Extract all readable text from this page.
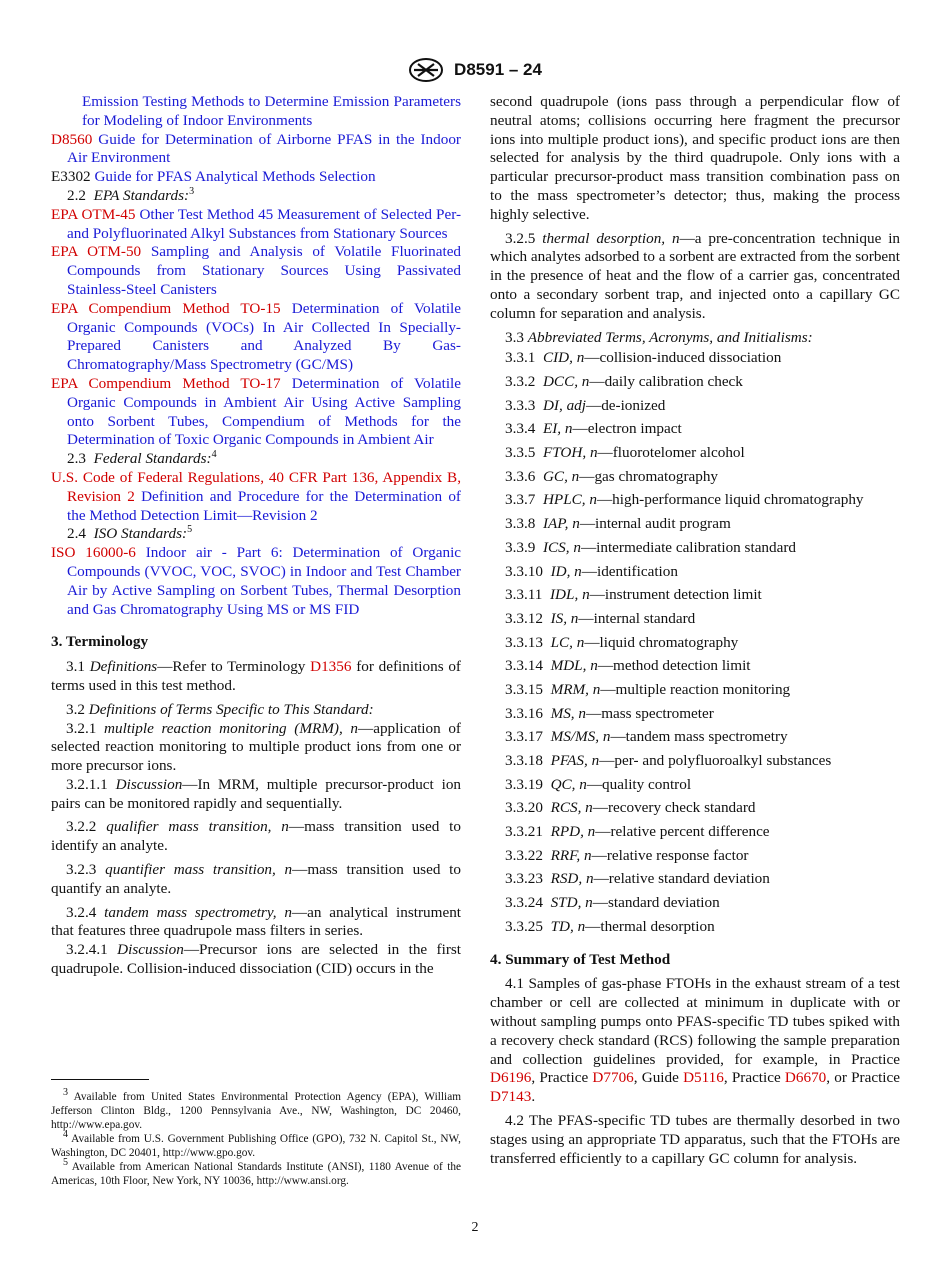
D8591 – 24
Emission Testing Methods to Determine Emission Parameters for Modeling of Indoor Environments
D8560 Guide for Determination of Airborne PFAS in the Indoor Air Environment
E3302 Guide for PFAS Analytical Methods Selection
2.2 EPA Standards:$^3$
EPA OTM-45 Other Test Method 45 Measurement of Selected Per- and Polyfluorinated Alkyl Substances from Stationary Sources
EPA OTM-50 Sampling and Analysis of Volatile Fluorinated Compounds from Stationary Sources Using Passivated Stainless-Steel Canisters
EPA Compendium Method TO-15 Determination of Volatile Organic Compounds (VOCs) In Air Collected In Specially-Prepared Canisters and Analyzed By Gas-Chromatography/Mass Spectrometry (GC/MS)
EPA Compendium Method TO-17 Determination of Volatile Organic Compounds in Ambient Air Using Active Sampling onto Sorbent Tubes, Compendium of Methods for the Determination of Toxic Organic Compounds in Ambient Air
2.3 Federal Standards:$^4$
U.S. Code of Federal Regulations, 40 CFR Part 136, Appendix B, Revision 2 Definition and Procedure for the Determination of the Method Detection Limit—Revision 2
2.4 ISO Standards:$^5$
ISO 16000-6 Indoor air - Part 6: Determination of Organic Compounds (VVOC, VOC, SVOC) in Indoor and Test Chamber Air by Active Sampling on Sorbent Tubes, Thermal Desorption and Gas Chromatography Using MS or MS FID
3. Terminology

3.1 Definitions—Refer to Terminology D1356 for definitions of terms used in this test method.

3.2 Definitions of Terms Specific to This Standard:

3.2.1 multiple reaction monitoring (MRM), n—application of selected reaction monitoring to multiple product ions from one or more precursor ions.

3.2.1.1 Discussion—In MRM, multiple precursor-product ion pairs can be monitored rapidly and sequentially.

3.2.2 qualifier mass transition, n—mass transition used to identify an analyte.

3.2.3 quantifier mass transition, n—mass transition used to quantify an analyte.

3.2.4 tandem mass spectrometry, n—an analytical instrument that features three quadrupole mass filters in series.

3.2.4.1 Discussion—Precursor ions are selected in the first quadrupole. Collision-induced dissociation (CID) occurs in the

second quadrupole (ions pass through a perpendicular flow of neutral atoms; collisions occurring here fragment the precursor ions into multiple product ions), and specific product ions are then selected for analysis by the third quadrupole. Only ions with a particular precursor-product mass transition combination pass on to the mass spectrometer’s detector; thus, making the process highly selective.

3.2.5 thermal desorption, n—a pre-concentration technique in which analytes adsorbed to a sorbent are extracted from the sorbent in the presence of heat and the flow of a carrier gas, concentrated onto a secondary sorbent trap, and injected onto a capillary GC column for separation and analysis.

3.3 Abbreviated Terms, Acronyms, and Initialisms:

3.3.1 CID, n—collision-induced dissociation
3.3.2 DCC, n—daily calibration check
3.3.3 DI, adj—de-ionized
3.3.4 EI, n—electron impact
3.3.5 FTOH, n—fluorotelomer alcohol
3.3.6 GC, n—gas chromatography
3.3.7 HPLC, n—high-performance liquid chromatography
3.3.8 IAP, n—internal audit program
3.3.9 ICS, n—intermediate calibration standard
3.3.10 ID, n—identification
3.3.11 IDL, n—instrument detection limit
3.3.12 IS, n—internal standard
3.3.13 LC, n—liquid chromatography
3.3.14 MDL, n—method detection limit
3.3.15 MRM, n—multiple reaction monitoring
3.3.16 MS, n—mass spectrometer
3.3.17 MS/MS, n—tandem mass spectrometry
3.3.18 PFAS, n—per- and polyfluoroalkyl substances
3.3.19 QC, n—quality control
3.3.20 RCS, n—recovery check standard
3.3.21 RPD, n—relative percent difference
3.3.22 RRF, n—relative response factor
3.3.23 RSD, n—relative standard deviation
3.3.24 STD, n—standard deviation
3.3.25 TD, n—thermal desorption
4. Summary of Test Method

4.1 Samples of gas-phase FTOHs in the exhaust stream of a test chamber or cell are collected at minimum in duplicate with or without sampling pumps onto PFAS-specific TD tubes spiked with a recovery check standard (RCS) following the sample preparation and collection guidelines provided, for example, in Practice D6196, Practice D7706, Guide D5116, Practice D6670, or Practice D7143.

4.2 The PFAS-specific TD tubes are thermally desorbed in two stages using an appropriate TD apparatus, such that the FTOHs are transferred efficiently to a capillary GC column for analysis.

3 Available from United States Environmental Protection Agency (EPA), William Jefferson Clinton Bldg., 1200 Pennsylvania Ave., NW, Washington, DC 20460, http://www.epa.gov.

4 Available from U.S. Government Publishing Office (GPO), 732 N. Capitol St., NW, Washington, DC 20401, http://www.gpo.gov.

5 Available from American National Standards Institute (ANSI), 1180 Avenue of the Americas, 10th Floor, New York, NY 10036, http://www.ansi.org.

2
